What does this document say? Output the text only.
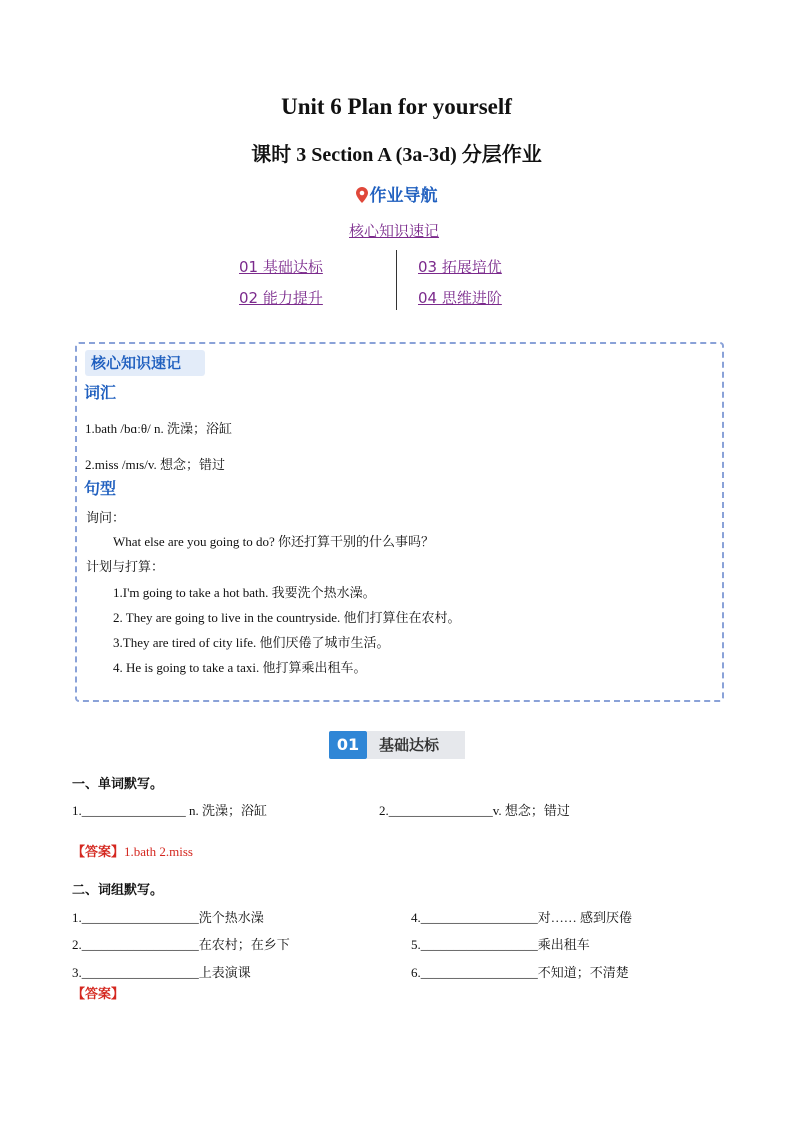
Unit 6 Plan for yourself
课时 3 Section A (3a-3d) 分层作业
作业导航
核心知识速记
01 基础达标	03 拓展培优
02 能力提升	04 思维进阶
核心知识速记
词汇
1.bath /bɑːθ/ n. 洗澡；浴缸
2.miss /mɪs/v. 想念；错过
句型
询问：
What else are you going to do? 你还打算干别的什么事吗？
计划与打算：
1.I'm going to take a hot bath. 我要洗个热水澡。
2. They are going to live in the countryside. 他们打算住在农村。
3.They are tired of city life. 他们厌倦了城市生活。
4. He is going to take a taxi. 他打算乘出租车。
01	基础达标
一、单词默写。
1.________________ n. 洗澡；浴缸	2.________________v. 想念；错过
【答案】1.bath 2.miss
二、词组默写。
1.__________________洗个热水澡	4.__________________对…… 感到厌倦
2.__________________在农村；在乡下	5.__________________乘出租车
3.__________________上表演课	6.__________________不知道；不清楚
【答案】
